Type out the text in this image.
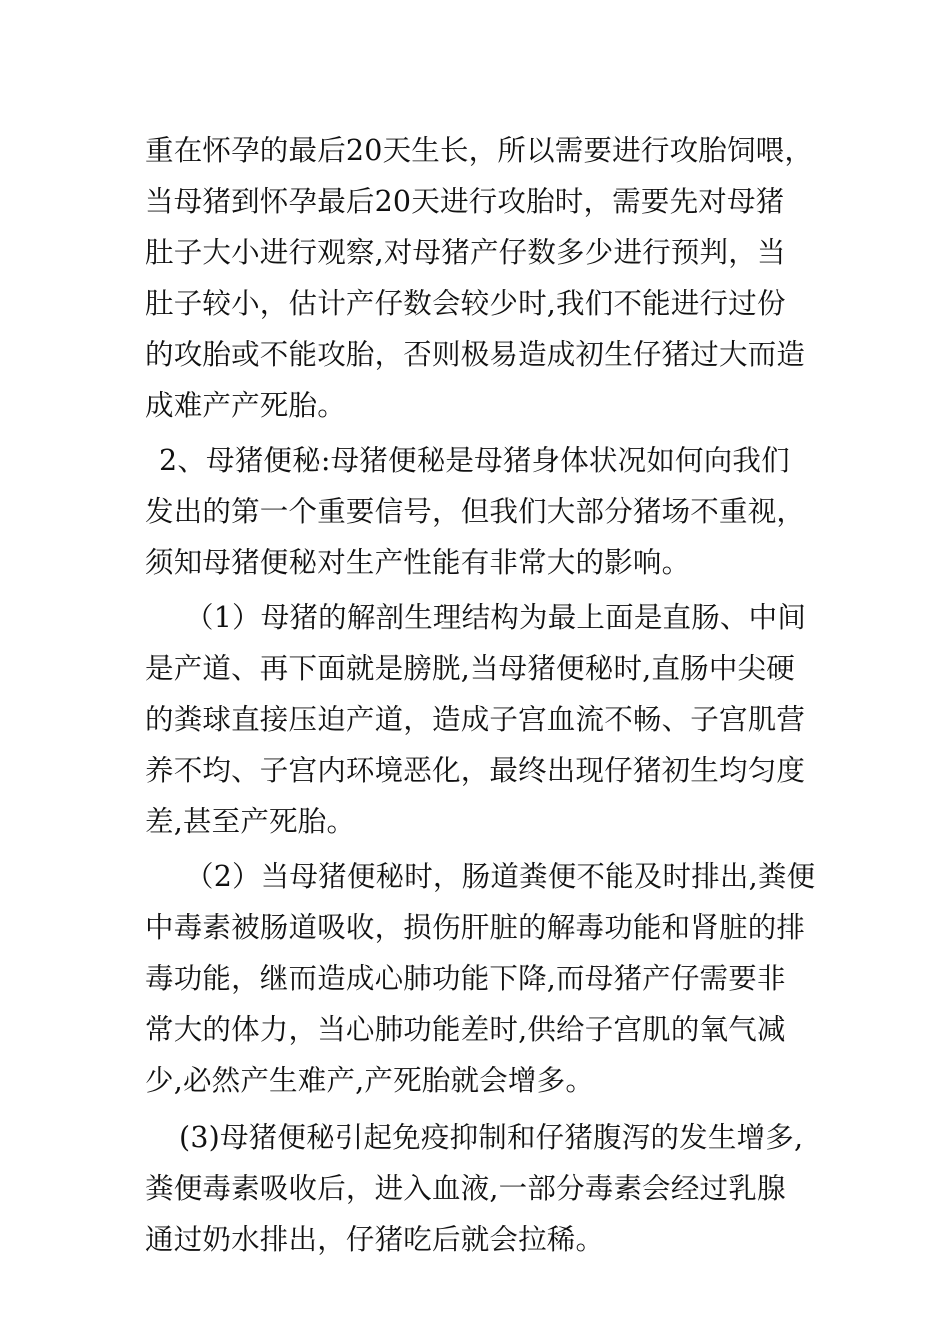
重在怀孕的最后20天生长，所以需要进行攻胎饲喂，
当母猪到怀孕最后20天进行攻胎时，需要先对母猪
肚子大小进行观察,对母猪产仔数多少进行预判，当
肚子较小，估计产仔数会较少时,我们不能进行过份
的攻胎或不能攻胎，否则极易造成初生仔猪过大而造
成难产产死胎。
2、母猪便秘:母猪便秘是母猪身体状况如何向我们
发出的第一个重要信号，但我们大部分猪场不重视，
须知母猪便秘对生产性能有非常大的影响。
（1）母猪的解剖生理结构为最上面是直肠、中间
是产道、再下面就是膀胱,当母猪便秘时,直肠中尖硬
的粪球直接压迫产道，造成子宫血流不畅、子宫肌营
养不均、子宫内环境恶化，最终出现仔猪初生均匀度
差,甚至产死胎。
（2）当母猪便秘时，肠道粪便不能及时排出,粪便
中毒素被肠道吸收，损伤肝脏的解毒功能和肾脏的排
毒功能，继而造成心肺功能下降,而母猪产仔需要非
常大的体力，当心肺功能差时,供给子宫肌的氧气减
少,必然产生难产,产死胎就会增多。
(3)母猪便秘引起免疫抑制和仔猪腹泻的发生增多,
粪便毒素吸收后，进入血液,一部分毒素会经过乳腺
通过奶水排出，仔猪吃后就会拉稀。
